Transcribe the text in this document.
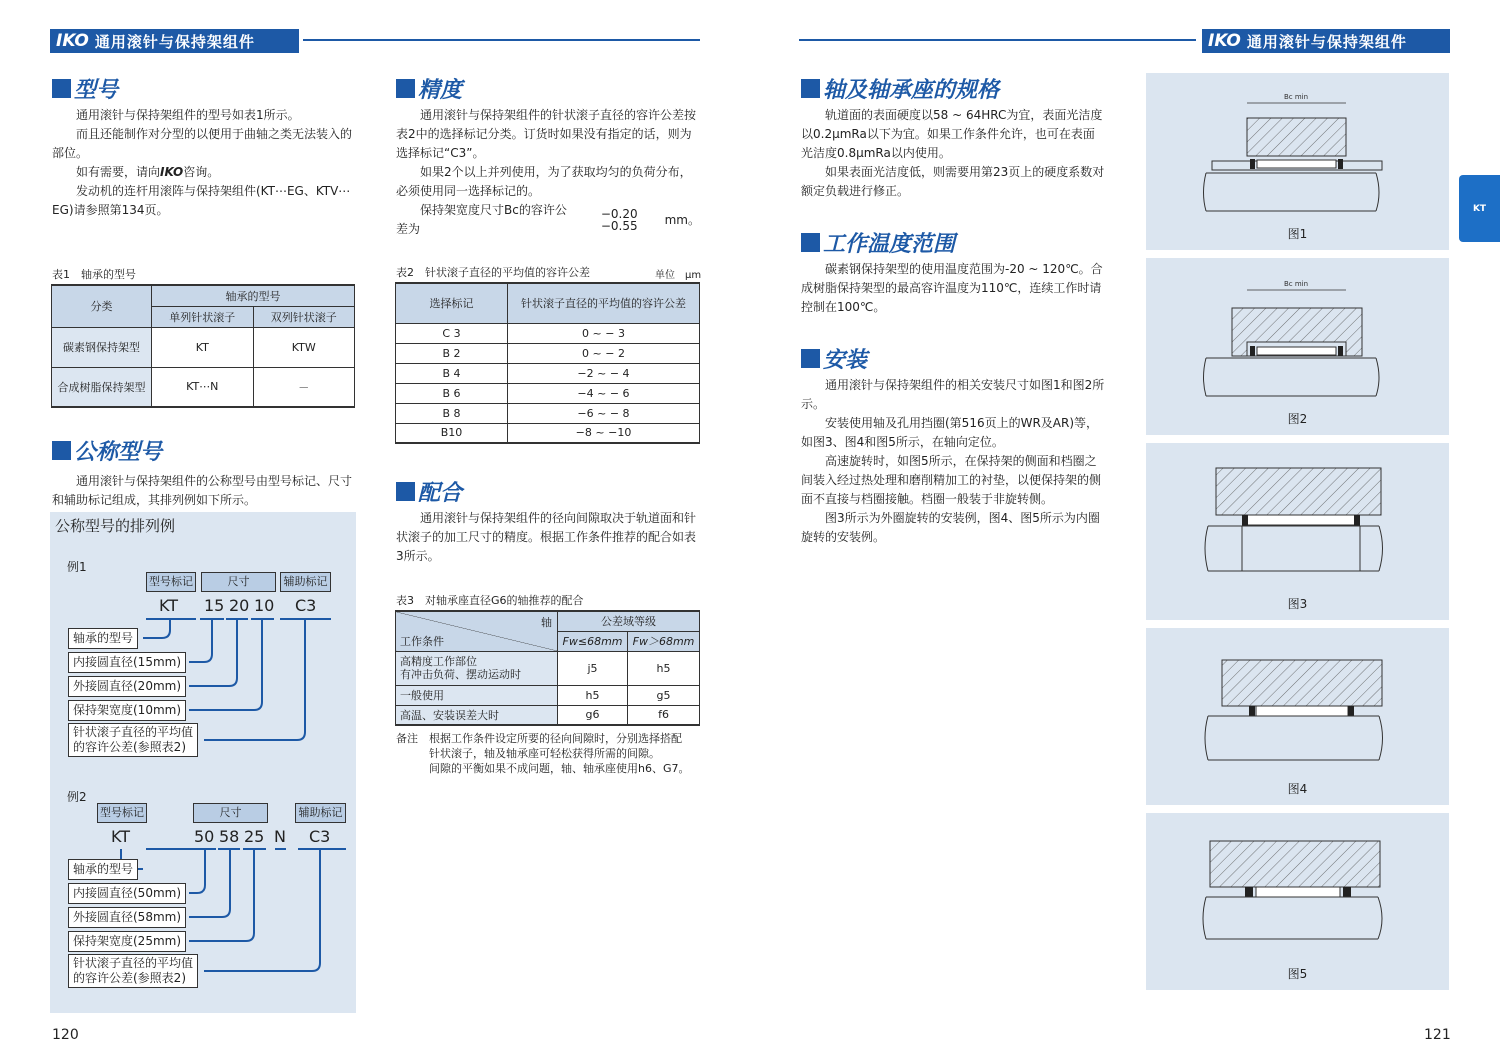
IKO 通用滚针与保持架组件	IKO 通用滚针与保持架组件
KT
型号
通用滚针与保持架组件的型号如表1所示。
而且还能制作对分型的以便用于曲轴之类无法装入的部位。
如有需要，请向IKO咨询。
发动机的连杆用滚阵与保持架组件(KT⋯EG、KTV⋯EG)请参照第134页。
表1　轴承的型号
分类	轴承的型号	
	单列针状滚子	双列针状滚子
碳素钢保持架型	KT	KTW
合成树脂保持架型	KT⋯N	－
公称型号
通用滚针与保持架组件的公称型号由型号标记、尺寸和辅助标记组成，其排列例如下所示。
公称型号的排列例
例1
型号标记	尺寸	辅助标记
KT 15 20 10 C3
轴承的型号
内接圆直径(15mm)
外接圆直径(20mm)
保持架宽度(10mm)
针状滚子直径的平均值
的容许公差(参照表2)
例2
型号标记	尺寸	辅助标记
KT	50 58 25 N C3
轴承的型号
内接圆直径(50mm)
外接圆直径(58mm)
保持架宽度(25mm)
针状滚子直径的平均值
的容许公差(参照表2)
精度
通用滚针与保持架组件的针状滚子直径的容许公差按表2中的选择标记分类。订货时如果没有指定的话，则为选择标记“C3”。
如果2个以上并列使用，为了获取均匀的负荷分布，必须使用同一选择标记的。
保持架宽度尺寸Bc的容许公差为
−0.20
−0.55	mm。
表2　针状滚子直径的平均值的容许公差	单位　μm
选择标记	针状滚子直径的平均值的容许公差
C 3	0 ~ − 3
B 2	0 ~ − 2
B 4	−2 ~ − 4
B 6	−4 ~ − 6
B 8	−6 ~ − 8
B10	−8 ~ −10
配合
通用滚针与保持架组件的径向间隙取决于轨道面和针状滚子的加工尺寸的精度。根据工作条件推荐的配合如表3所示。
表3　对轴承座直径G6的轴推荐的配合
轴
工作条件	公差域等级	
	Fw≤68mm	Fw＞68mm

高精度工作部位
有冲击负荷、摆动运动时	j5	h5
一般使用	h5	g5
高温、安装误差大时	g6	f6
备注 根据工作条件设定所要的径向间隙时，分别选择搭配
针状滚子，轴及轴承座可轻松获得所需的间隙。
间隙的平衡如果不成问题，轴、轴承座使用h6、G7。
轴及轴承座的规格
轨道面的表面硬度以58 ~ 64HRC为宜，表面光洁度以0.2μmRa以下为宜。如果工作条件允许，也可在表面光洁度0.8μmRa以内使用。
如果表面光洁度低，则需要用第23页上的硬度系数对额定负载进行修正。
工作温度范围
碳素钢保持架型的使用温度范围为-20 ~ 120℃。合成树脂保持架型的最高容许温度为110℃，连续工作时请控制在100℃。
安装
通用滚针与保持架组件的相关安装尺寸如图1和图2所示。
安装使用轴及孔用挡圈(第516页上的WR及AR)等，如图3、图4和图5所示，在轴向定位。
高速旋转时，如图5所示，在保持架的侧面和档圈之间装入经过热处理和磨削精加工的衬垫，以便保持架的侧面不直接与档圈接触。档圈一般装于非旋转侧。
图3所示为外圈旋转的安装例，图4、图5所示为内圈旋转的安装例。
Bc min
图1
Bc min
图2
图3
图4
图5
120	121
